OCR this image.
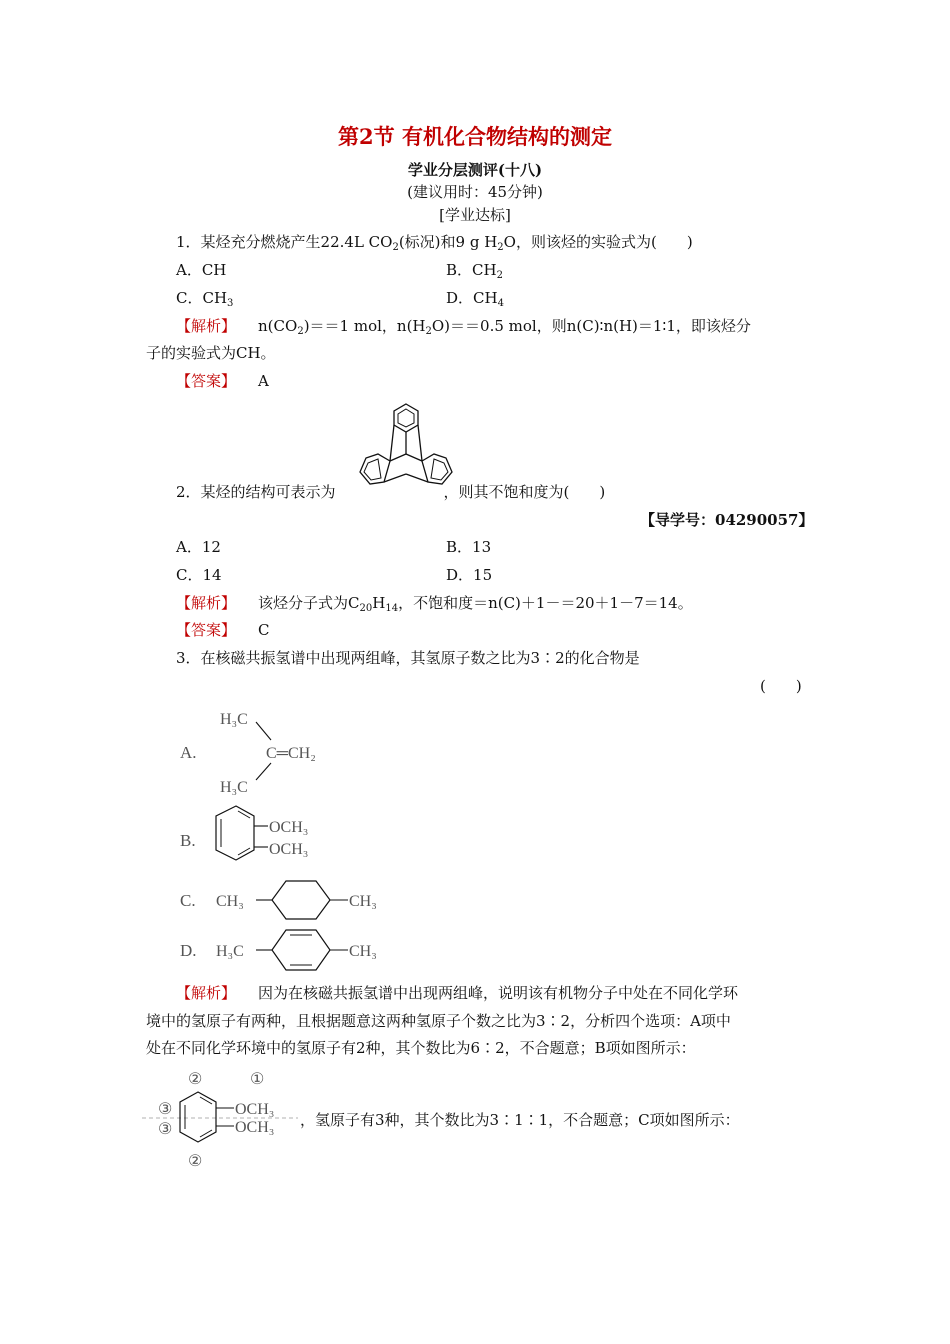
第2节 有机化合物结构的测定
学业分层测评(十八)
(建议用时：45分钟)
[学业达标]
1．某烃充分燃烧产生22.4L $CO_2$(标况)和9 g $H_2O$，则该烃的实验式为(　　)
A．CH	B．$CH_2$
C．$CH_3$	D．$CH_4$
【解析】 $n(CO_2)==1$ mol，$n(H_2O)==0.5$ mol，则n(C)∶n(H)＝1∶1，即该烃分
子的实验式为CH。
【答案】 A
2．某烃的结构可表示为	，则其不饱和度为(　　)
【导学号：04290057】
A．12	B．13
C．14	D．15
【解析】 该烃分子式为$C_{20}H_{14}$，不饱和度＝n(C)＋1－＝20＋1－7＝14。
【答案】 C
3．在核磁共振氢谱中出现两组峰，其氢原子数之比为3∶2的化合物是
(　　)
A.
H₃C
H₃C
C═CH₂
B.
OCH₃
OCH₃
C. CH₃	CH₃
D. H₃C	CH₃
【解析】 因为在核磁共振氢谱中出现两组峰，说明该有机物分子中处在不同化学环
境中的氢原子有两种，且根据题意这两种氢原子个数之比为3∶2，分析四个选项：A项中
处在不同化学环境中的氢原子有2种，其个数比为6∶2，不合题意；B项如图所示：
②	①
③
③
②
OCH₃
OCH₃ ，氢原子有3种，其个数比为3∶1∶1，不合题意；C项如图所示：
